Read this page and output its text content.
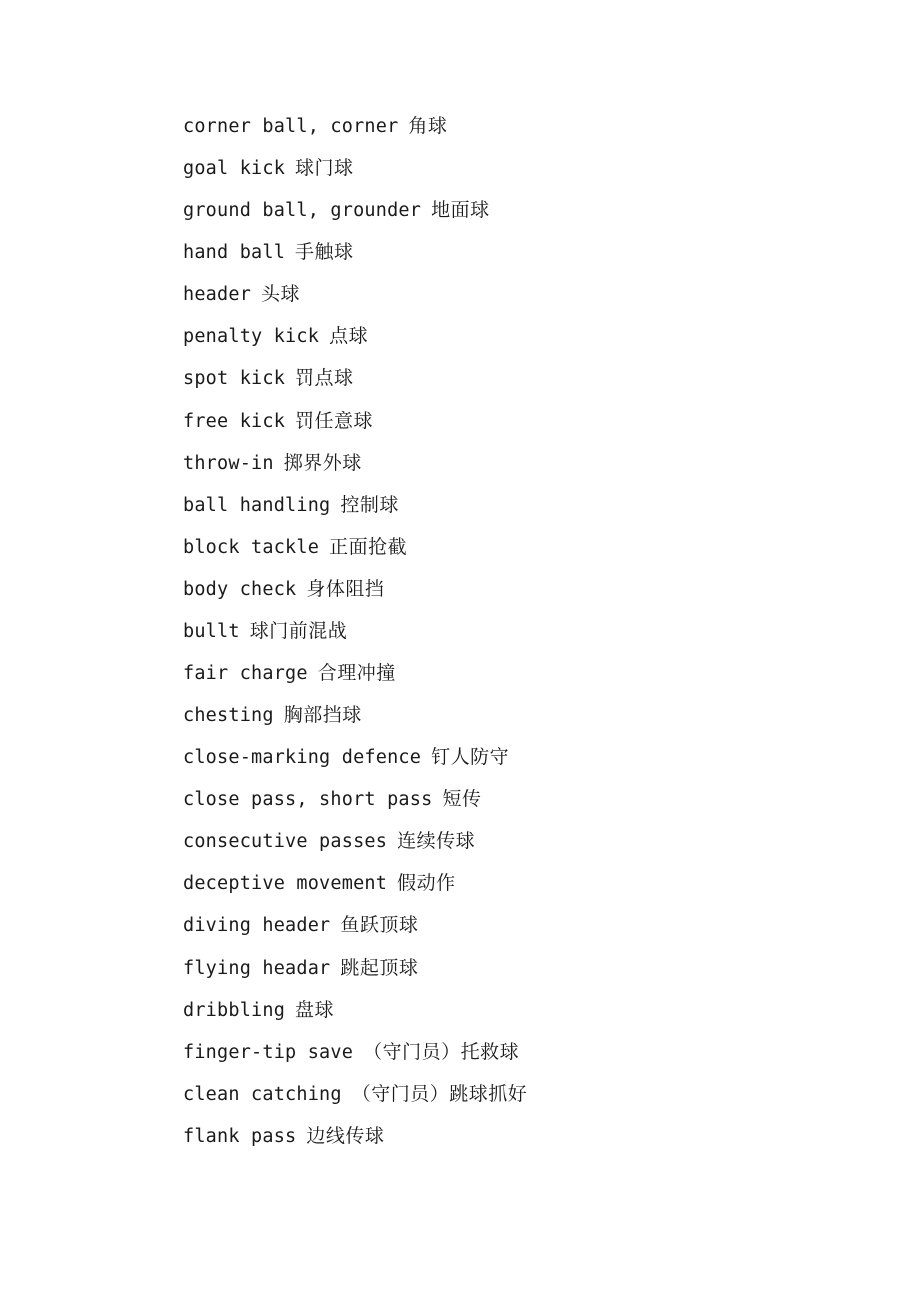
corner ball, corner 角球
goal kick 球门球
ground ball, grounder 地面球
hand ball 手触球
header 头球
penalty kick 点球
spot kick 罚点球
free kick 罚任意球
throw-in 掷界外球
ball handling 控制球
block tackle 正面抢截
body check 身体阻挡
bullt 球门前混战
fair charge 合理冲撞
chesting 胸部挡球
close-marking defence 钉人防守
close pass, short pass 短传
consecutive passes 连续传球
deceptive movement 假动作
diving header 鱼跃顶球
flying headar 跳起顶球
dribbling 盘球
finger-tip save （守门员）托救球
clean catching （守门员）跳球抓好
flank pass 边线传球
